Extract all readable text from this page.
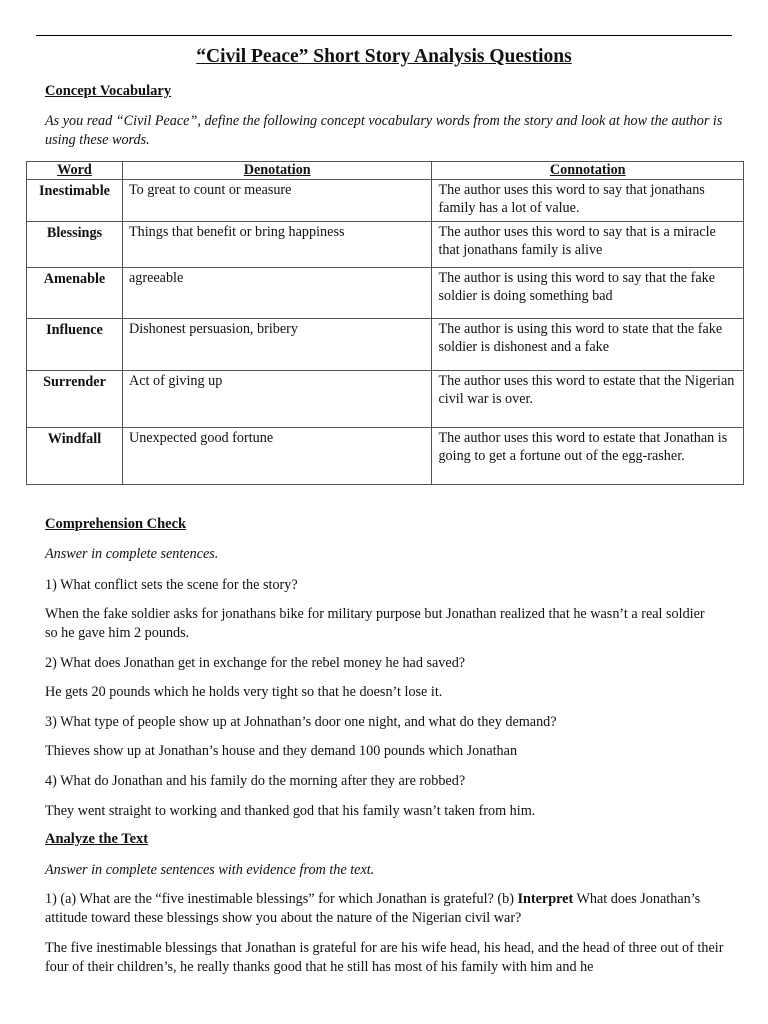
“Civil Peace” Short Story Analysis Questions
Concept Vocabulary
As you read “Civil Peace”, define the following concept vocabulary words from the story and look at how the author is using these words.
Word	Denotation	Connotation
Inestimable	To great to count or measure	The author uses this word to say that jonathans family has a lot of value.
Blessings	Things that benefit or bring happiness	The author uses this word to say that is a miracle that jonathans family is alive
Amenable	agreeable	The author is using this word to say that the fake soldier is doing something bad
Influence	Dishonest persuasion, bribery	The author is using this word to state that the fake soldier is dishonest and a fake
Surrender	Act of giving up	The author uses this word to estate that the Nigerian civil war is over.
Windfall	Unexpected good fortune	The author uses this word to estate that Jonathan is going to get a fortune out of the egg-rasher.
Comprehension Check
Answer in complete sentences.
1) What conflict sets the scene for the story?
When the fake soldier asks for jonathans bike for military purpose but Jonathan realized that he wasn’t a real soldier so he gave him 2 pounds.
2) What does Jonathan get in exchange for the rebel money he had saved?
He gets 20 pounds which he holds very tight so that he doesn’t lose it.
3) What type of people show up at Johnathan’s door one night, and what do they demand?
Thieves show up at Jonathan’s house and they demand 100 pounds which Jonathan
4) What do Jonathan and his family do the morning after they are robbed?
They went straight to working and thanked god that his family wasn’t taken from him.
Analyze the Text
Answer in complete sentences with evidence from the text.
1) (a) What are the “five inestimable blessings” for which Jonathan is grateful? (b) Interpret What does Jonathan’s attitude toward these blessings show you about the nature of the Nigerian civil war?
The five inestimable blessings that Jonathan is grateful for are his wife head, his head, and the head of three out of their four of their children’s, he really thanks good that he still has most of his family with him and he
